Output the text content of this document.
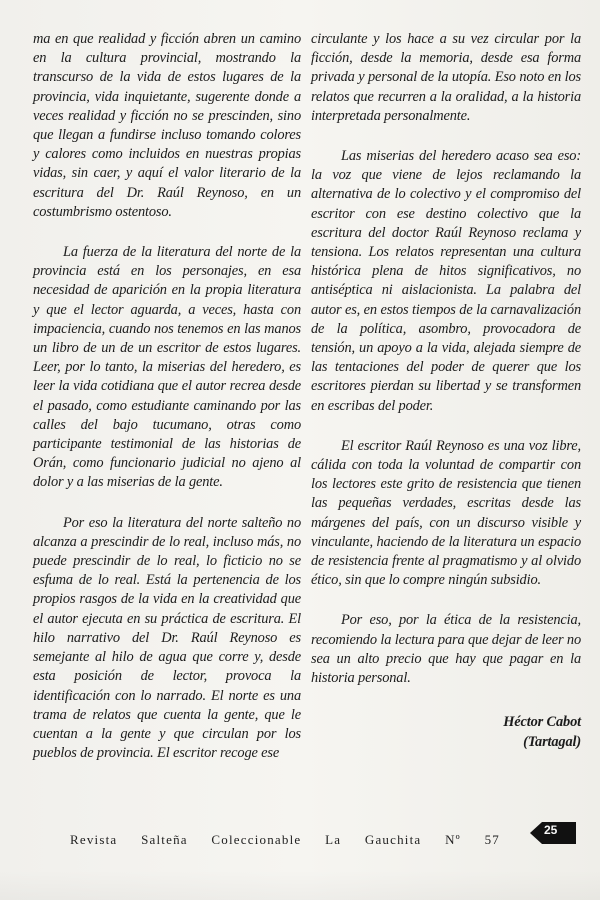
ma en que realidad y ficción abren un camino en la cultura provincial, mostrando la transcurso de la vida de estos lugares de la provincia, vida inquietante, sugerente donde a veces realidad y ficción no se prescinden, sino que llegan a fundirse incluso tomando colores y calores como incluidos en nuestras propias vidas, sin caer, y aquí el valor literario de la escritura del Dr. Raúl Reynoso, en un costumbrismo ostentoso.

La fuerza de la literatura del norte de la provincia está en los personajes, en esa necesidad de aparición en la propia literatura y que el lector aguarda, a veces, hasta con impaciencia, cuando nos tenemos en las manos un libro de un de un escritor de estos lugares. Leer, por lo tanto, la miserias del heredero, es leer la vida cotidiana que el autor recrea desde el pasado, como estudiante caminando por las calles del bajo tucumano, otras como participante testimonial de las historias de Orán, como funcionario judicial no ajeno al dolor y a las miserias de la gente.

Por eso la literatura del norte salteño no alcanza a prescindir de lo real, incluso más, no puede prescindir de lo real, lo ficticio no se esfuma de lo real. Está la pertenencia de los propios rasgos de la vida en la creatividad que el autor ejecuta en su práctica de escritura. El hilo narrativo del Dr. Raúl Reynoso es semejante al hilo de agua que corre y, desde esta posición de lector, provoca la identificación con lo narrado. El norte es una trama de relatos que cuenta la gente, que le cuentan a la gente y que circulan por los pueblos de provincia. El escritor recoge ese

circulante y los hace a su vez circular por la ficción, desde la memoria, desde esa forma privada y personal de la utopía. Eso noto en los relatos que recurren a la oralidad, a la historia interpretada personalmente.

Las miserias del heredero acaso sea eso: la voz que viene de lejos reclamando la alternativa de lo colectivo y el compromiso del escritor con ese destino colectivo que la escritura del doctor Raúl Reynoso reclama y tensiona. Los relatos representan una cultura histórica plena de hitos significativos, no antiséptica ni aislacionista. La palabra del autor es, en estos tiempos de la carnavalización de la política, asombro, provocadora de tensión, un apoyo a la vida, alejada siempre de las tentaciones del poder de querer que los escritores pierdan su libertad y se transformen en escribas del poder.

El escritor Raúl Reynoso es una voz libre, cálida con toda la voluntad de compartir con los lectores este grito de resistencia que tienen las pequeñas verdades, escritas desde las márgenes del país, con un discurso visible y vinculante, haciendo de la literatura un espacio de resistencia frente al pragmatismo y al olvido ético, sin que lo compre ningún subsidio.

Por eso, por la ética de la resistencia, recomiendo la lectura para que dejar de leer no sea un alto precio que hay que pagar en la historia personal.

Héctor Cabot
(Tartagal)
Revista Salteña Coleccionable La Gauchita Nº 57
25
